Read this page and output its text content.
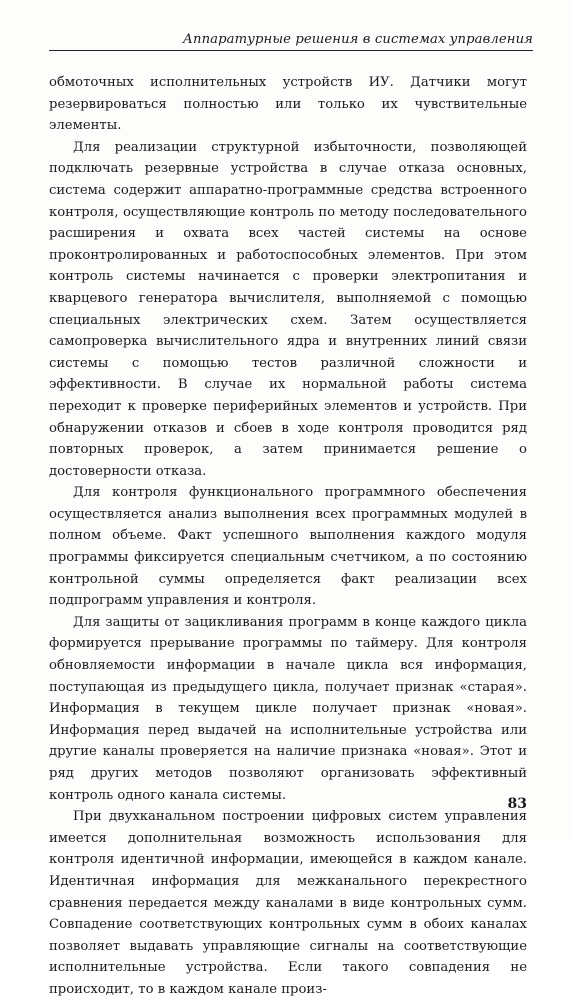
Аппаратурные решения в системах управления

обмоточных исполнительных устройств ИУ. Датчики могут резервироваться полностью или только их чувствительные элементы.

Для реализации структурной избыточности, позволяющей подключать резервные устройства в случае отказа основных, система содержит аппаратно-программные средства встроенного контроля, осуществляющие контроль по методу последовательного расширения и охвата всех частей системы на основе проконтролированных и работоспособных элементов. При этом контроль системы начинается с проверки электропитания и кварцевого генератора вычислителя, выполняемой с помощью специальных электрических схем. Затем осуществляется самопроверка вычислительного ядра и внутренних линий связи системы с помощью тестов различной сложности и эффективности. В случае их нормальной работы система переходит к проверке периферийных элементов и устройств. При обнаружении отказов и сбоев в ходе контроля проводится ряд повторных проверок, а затем принимается решение о достоверности отказа.

Для контроля функционального программного обеспечения осуществляется анализ выполнения всех программных модулей в полном объеме. Факт успешного выполнения каждого модуля программы фиксируется специальным счетчиком, а по состоянию контрольной суммы определяется факт реализации всех подпрограмм управления и контроля.

Для защиты от зацикливания программ в конце каждого цикла формируется прерывание программы по таймеру. Для контроля обновляемости информации в начале цикла вся информация, поступающая из предыдущего цикла, получает признак «старая». Информация в текущем цикле получает признак «новая». Информация перед выдачей на исполнительные устройства или другие каналы проверяется на наличие признака «новая». Этот и ряд других методов позволяют организовать эффективный контроль одного канала системы.

При двухканальном построении цифровых систем управления имеется дополнительная возможность использования для контроля идентичной информации, имеющейся в каждом канале. Идентичная информация для межканального перекрестного сравнения передается между каналами в виде контрольных сумм. Совпадение соответствующих контрольных сумм в обоих каналах позволяет выдавать управляющие сигналы на соответствующие исполнительные устройства. Если такого совпадения не происходит, то в каждом канале произ-

83
